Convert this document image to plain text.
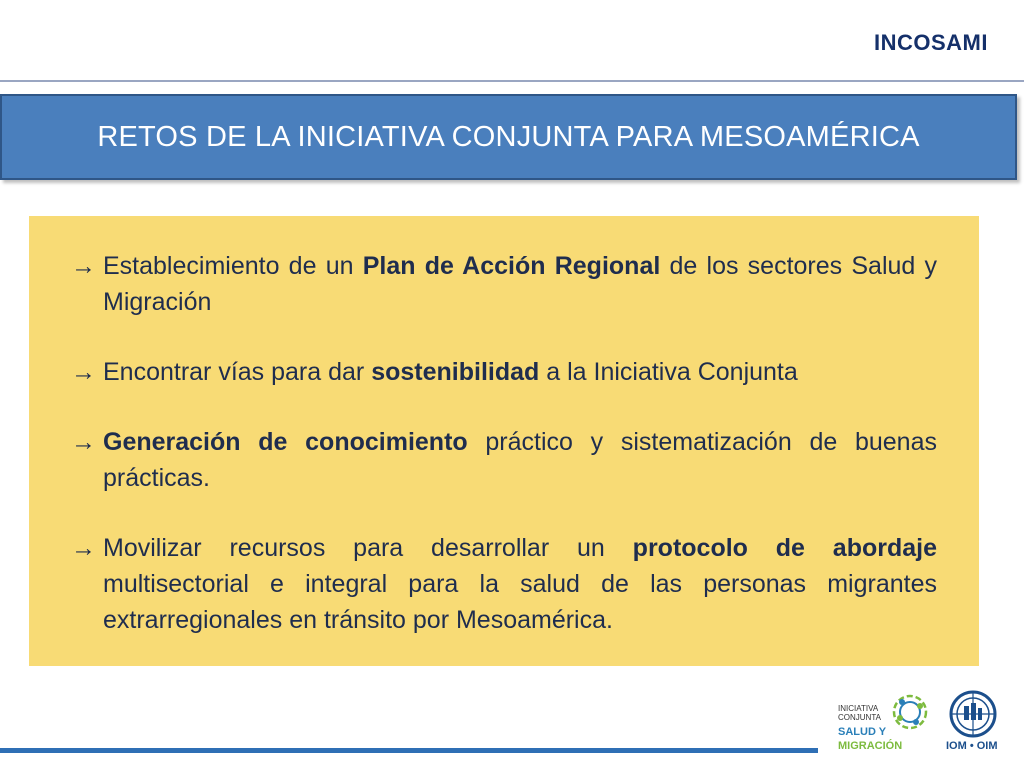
INCOSAMI
RETOS DE LA INICIATIVA CONJUNTA PARA MESOAMÉRICA
→ Establecimiento de un Plan de Acción Regional de los sectores Salud y Migración
→ Encontrar vías para dar sostenibilidad a la Iniciativa Conjunta
→ Generación de conocimiento práctico y sistematización de buenas prácticas.
→ Movilizar recursos para desarrollar un protocolo de abordaje multisectorial e integral para la salud de las personas migrantes extrarregionales en tránsito por Mesoamérica.
INICIATIVA
CONJUNTA
SALUD Y
MIGRACIÓN	IOM • OIM
